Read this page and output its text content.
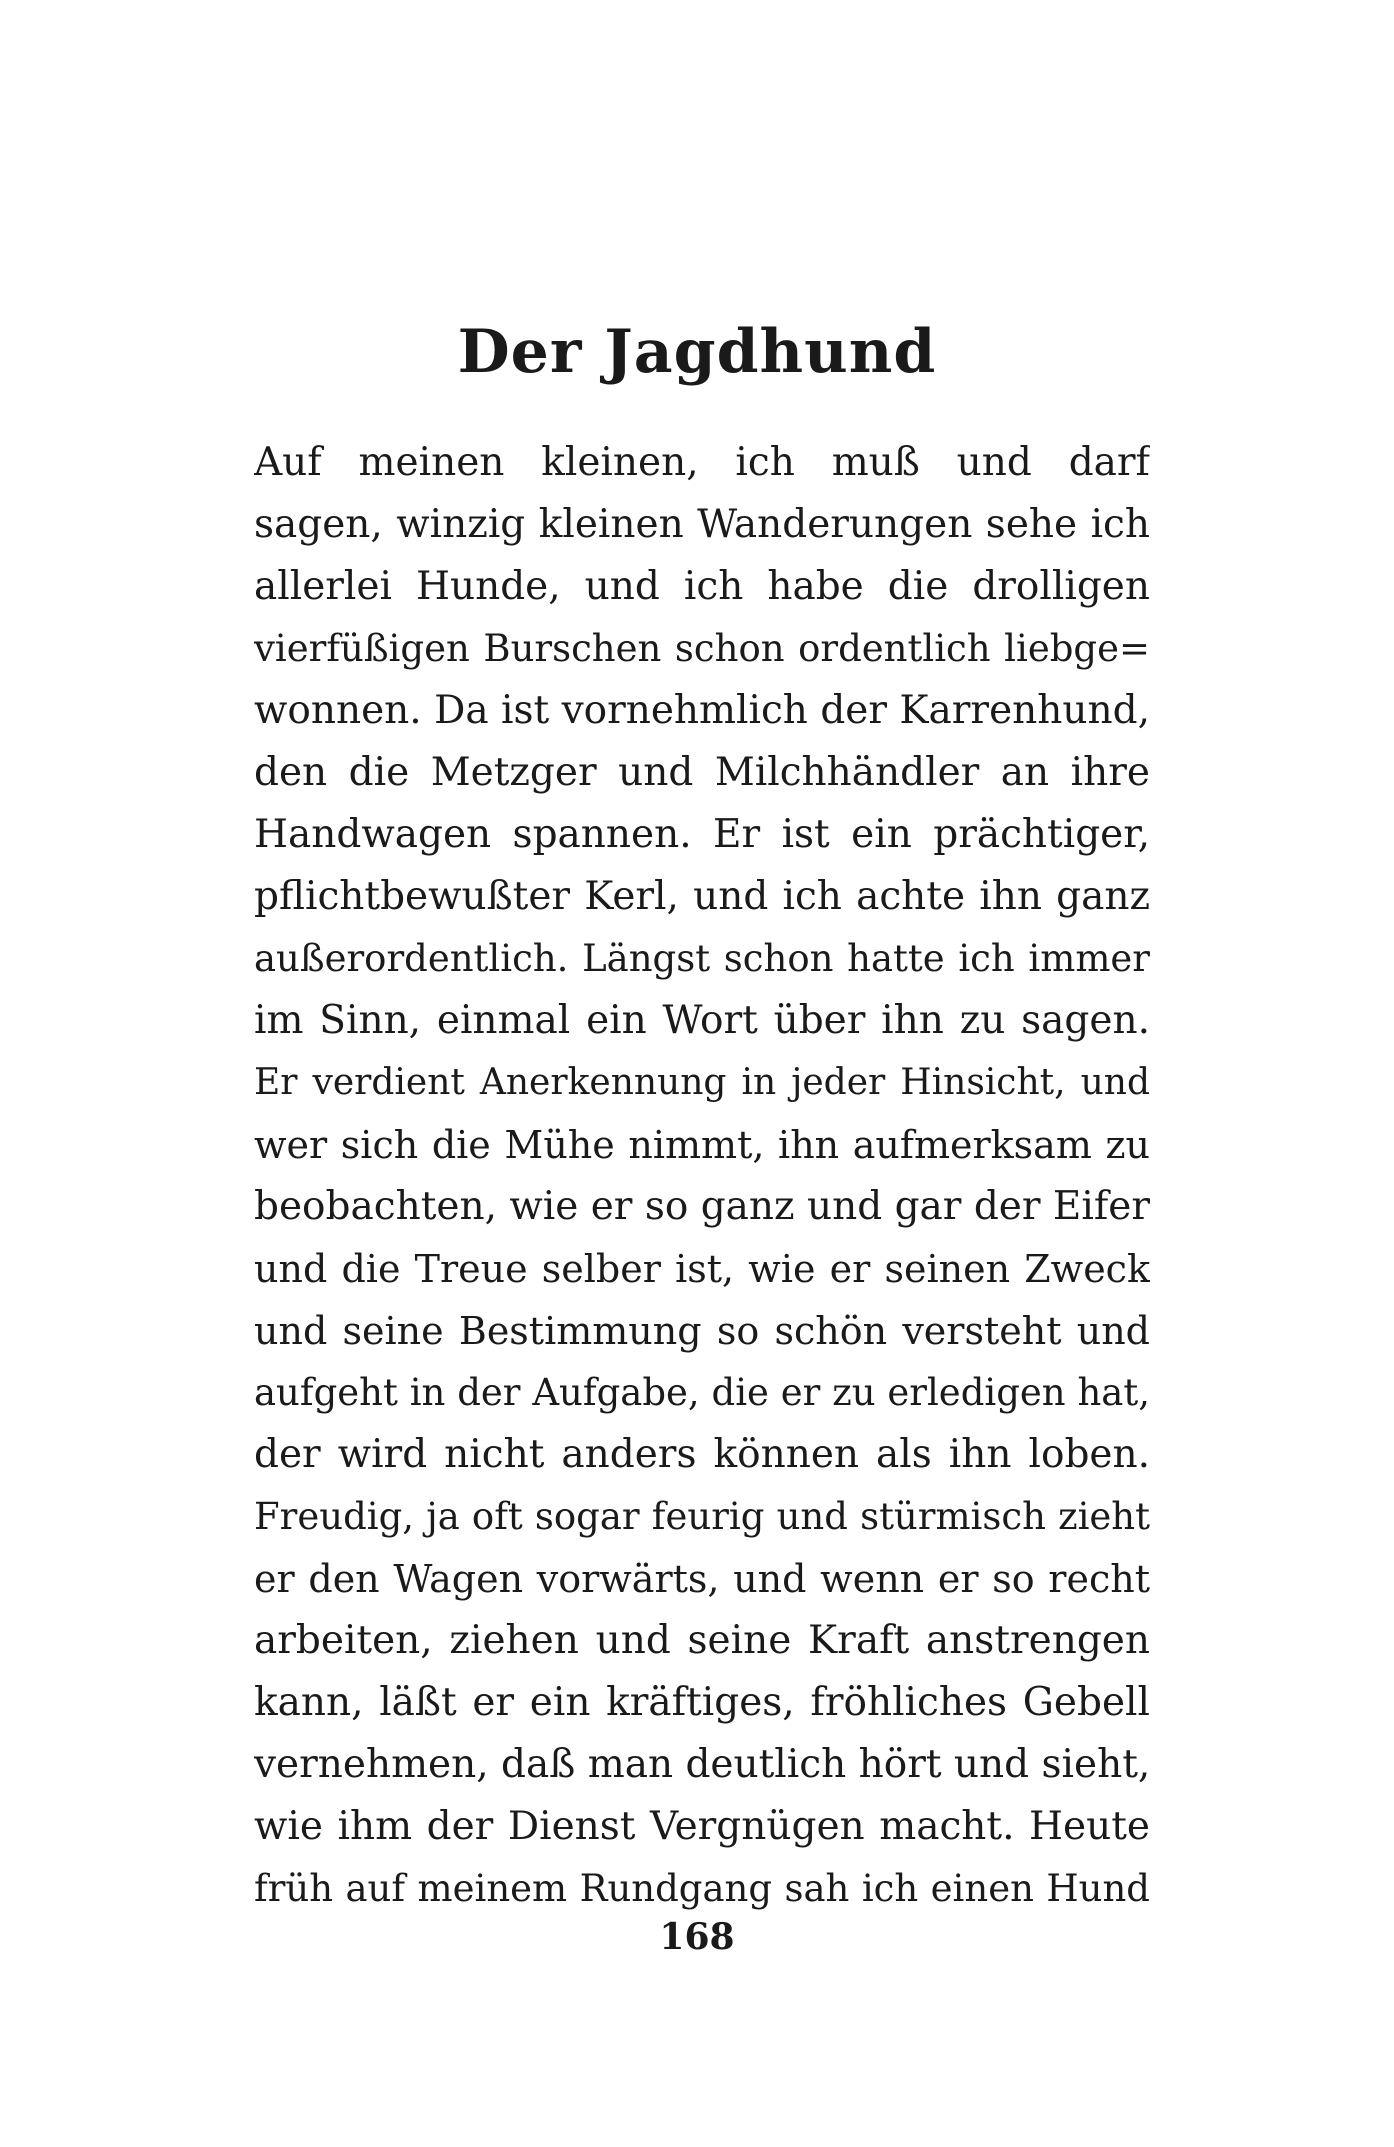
Der Jagdhund
Auf meinen kleinen, ich muß und darf
sagen, winzig kleinen Wanderungen sehe ich
allerlei Hunde, und ich habe die drolligen
vierfüßigen Burschen schon ordentlich liebge=
wonnen. Da ist vornehmlich der Karrenhund,
den die Metzger und Milchhändler an ihre
Handwagen spannen. Er ist ein prächtiger,
pflichtbewußter Kerl, und ich achte ihn ganz
außerordentlich. Längst schon hatte ich immer
im Sinn, einmal ein Wort über ihn zu sagen.
Er verdient Anerkennung in jeder Hinsicht, und
wer sich die Mühe nimmt, ihn aufmerksam zu
beobachten, wie er so ganz und gar der Eifer
und die Treue selber ist, wie er seinen Zweck
und seine Bestimmung so schön versteht und
aufgeht in der Aufgabe, die er zu erledigen hat,
der wird nicht anders können als ihn loben.
Freudig, ja oft sogar feurig und stürmisch zieht
er den Wagen vorwärts, und wenn er so recht
arbeiten, ziehen und seine Kraft anstrengen
kann, läßt er ein kräftiges, fröhliches Gebell
vernehmen, daß man deutlich hört und sieht,
wie ihm der Dienst Vergnügen macht. Heute
früh auf meinem Rundgang sah ich einen Hund
168
